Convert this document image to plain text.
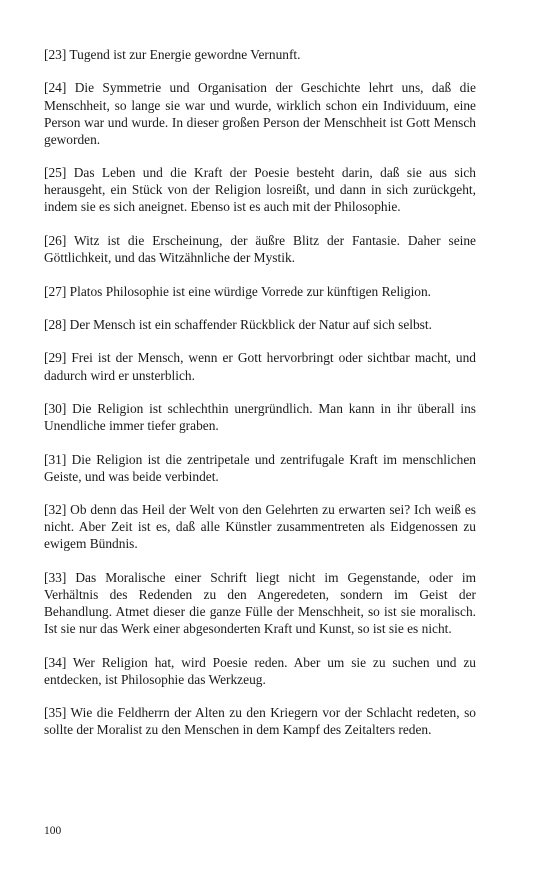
[23] Tugend ist zur Energie gewordne Vernunft.

[24] Die Symmetrie und Organisation der Geschichte lehrt uns, daß die Menschheit, so lange sie war und wurde, wirklich schon ein Individuum, eine Person war und wurde. In dieser großen Person der Menschheit ist Gott Mensch geworden.

[25] Das Leben und die Kraft der Poesie besteht darin, daß sie aus sich herausgeht, ein Stück von der Religion losreißt, und dann in sich zurückgeht, indem sie es sich aneignet. Ebenso ist es auch mit der Philosophie.

[26] Witz ist die Erscheinung, der äußre Blitz der Fantasie. Daher seine Göttlichkeit, und das Witzähnliche der Mystik.

[27] Platos Philosophie ist eine würdige Vorrede zur künftigen Religion.

[28] Der Mensch ist ein schaffender Rückblick der Natur auf sich selbst.

[29] Frei ist der Mensch, wenn er Gott hervorbringt oder sichtbar macht, und dadurch wird er unsterblich.

[30] Die Religion ist schlechthin unergründlich. Man kann in ihr überall ins Unendliche immer tiefer graben.

[31] Die Religion ist die zentripetale und zentrifugale Kraft im menschlichen Geiste, und was beide verbindet.

[32] Ob denn das Heil der Welt von den Gelehrten zu erwarten sei? Ich weiß es nicht. Aber Zeit ist es, daß alle Künstler zusammentreten als Eidgenossen zu ewigem Bündnis.

[33] Das Moralische einer Schrift liegt nicht im Gegenstande, oder im Verhältnis des Redenden zu den Angeredeten, sondern im Geist der Behandlung. Atmet dieser die ganze Fülle der Menschheit, so ist sie moralisch. Ist sie nur das Werk einer abgesonderten Kraft und Kunst, so ist sie es nicht.

[34] Wer Religion hat, wird Poesie reden. Aber um sie zu suchen und zu entdecken, ist Philosophie das Werkzeug.

[35] Wie die Feldherrn der Alten zu den Kriegern vor der Schlacht redeten, so sollte der Moralist zu den Menschen in dem Kampf des Zeitalters reden.

100
